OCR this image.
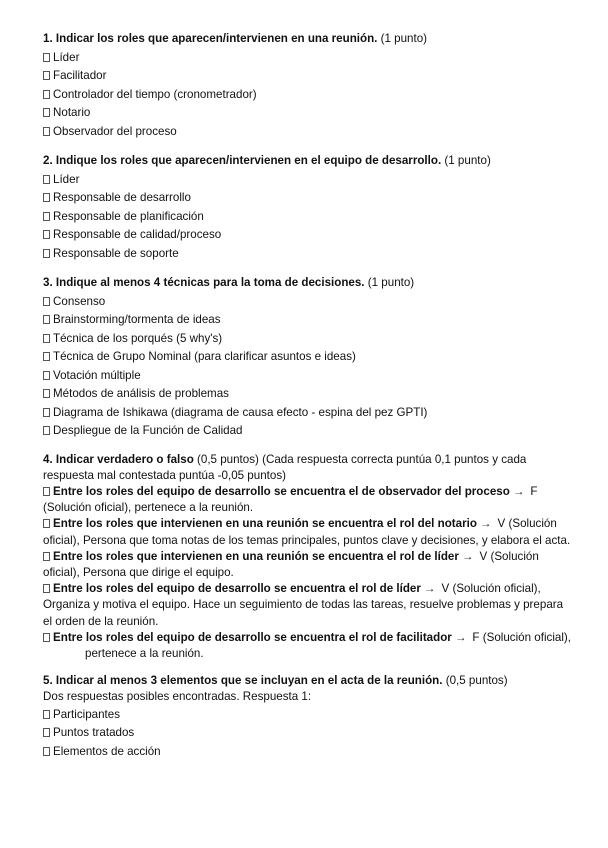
1. Indicar los roles que aparecen/intervienen en una reunión. (1 punto)
Líder
Facilitador
Controlador del tiempo (cronometrador)
Notario
Observador del proceso
2. Indique los roles que aparecen/intervienen en el equipo de desarrollo. (1 punto)
Líder
Responsable de desarrollo
Responsable de planificación
Responsable de calidad/proceso
Responsable de soporte
3. Indique al menos 4 técnicas para la toma de decisiones. (1 punto)
Consenso
Brainstorming/tormenta de ideas
Técnica de los porqués (5 why's)
Técnica de Grupo Nominal (para clarificar asuntos e ideas)
Votación múltiple
Métodos de análisis de problemas
Diagrama de Ishikawa (diagrama de causa efecto - espina del pez GPTI)
Despliegue de la Función de Calidad

4. Indicar verdadero o falso (0,5 puntos) (Cada respuesta correcta puntúa 0,1 puntos y cada respuesta mal contestada puntúa -0,05 puntos)

Entre los roles del equipo de desarrollo se encuentra el de observador del proceso → F (Solución oficial), pertenece a la reunión.

Entre los roles que intervienen en una reunión se encuentra el rol del notario → V (Solución oficial), Persona que toma notas de los temas principales, puntos clave y decisiones, y elabora el acta.

Entre los roles que intervienen en una reunión se encuentra el rol de líder → V (Solución oficial), Persona que dirige el equipo.

Entre los roles del equipo de desarrollo se encuentra el rol de líder → V (Solución oficial), Organiza y motiva el equipo. Hace un seguimiento de todas las tareas, resuelve problemas y prepara el orden de la reunión.

Entre los roles del equipo de desarrollo se encuentra el rol de facilitador → F (Solución oficial),

pertenece a la reunión.

5. Indicar al menos 3 elementos que se incluyan en el acta de la reunión. (0,5 puntos)
Dos respuestas posibles encontradas. Respuesta 1:
Participantes
Puntos tratados
Elementos de acción
